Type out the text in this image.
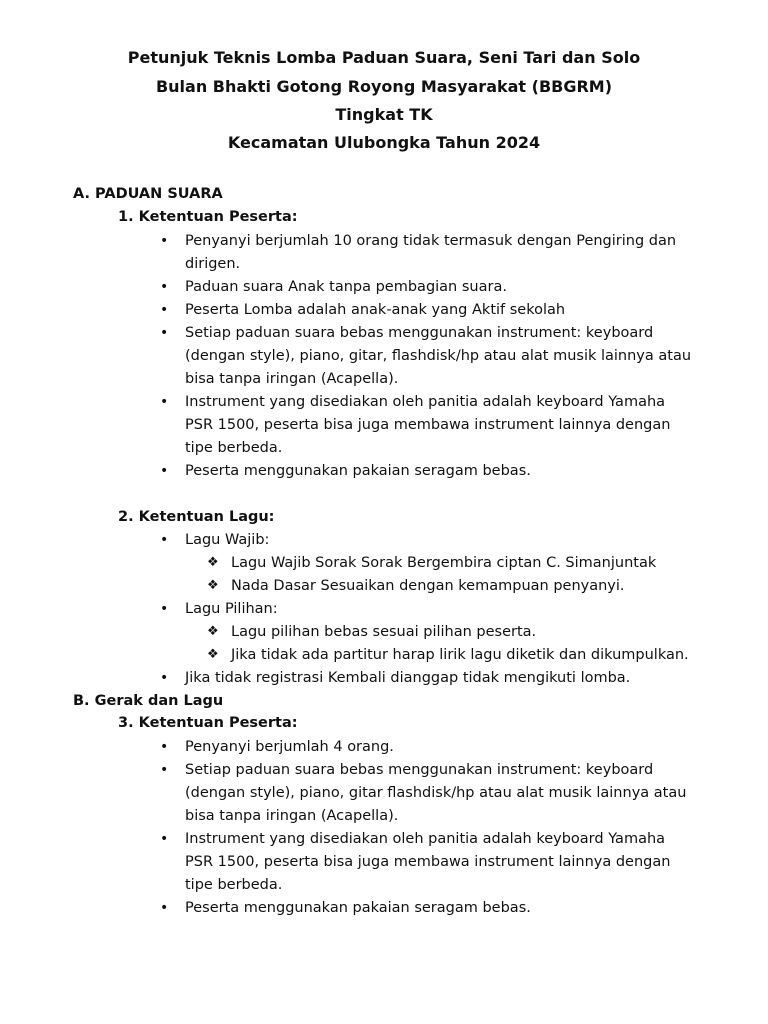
Petunjuk Teknis Lomba Paduan Suara, Seni Tari dan Solo
Bulan Bhakti Gotong Royong Masyarakat (BBGRM)
Tingkat TK
Kecamatan Ulubongka Tahun 2024
A. PADUAN SUARA
1. Ketentuan Peserta:
• Penyanyi berjumlah 10 orang tidak termasuk dengan Pengiring dan
dirigen.
• Paduan suara Anak tanpa pembagian suara.
• Peserta Lomba adalah anak-anak yang Aktif sekolah
• Setiap paduan suara bebas menggunakan instrument: keyboard
(dengan style), piano, gitar, flashdisk/hp atau alat musik lainnya atau
bisa tanpa iringan (Acapella).
• Instrument yang disediakan oleh panitia adalah keyboard Yamaha
PSR 1500, peserta bisa juga membawa instrument lainnya dengan
tipe berbeda.
• Peserta menggunakan pakaian seragam bebas.
2. Ketentuan Lagu:
• Lagu Wajib:
❖ Lagu Wajib Sorak Sorak Bergembira ciptan C. Simanjuntak
❖ Nada Dasar Sesuaikan dengan kemampuan penyanyi.
• Lagu Pilihan:
❖ Lagu pilihan bebas sesuai pilihan peserta.
❖ Jika tidak ada partitur harap lirik lagu diketik dan dikumpulkan.
• Jika tidak registrasi Kembali dianggap tidak mengikuti lomba.
B. Gerak dan Lagu
3. Ketentuan Peserta:
• Penyanyi berjumlah 4 orang.
• Setiap paduan suara bebas menggunakan instrument: keyboard
(dengan style), piano, gitar flashdisk/hp atau alat musik lainnya atau
bisa tanpa iringan (Acapella).
• Instrument yang disediakan oleh panitia adalah keyboard Yamaha
PSR 1500, peserta bisa juga membawa instrument lainnya dengan
tipe berbeda.
• Peserta menggunakan pakaian seragam bebas.
